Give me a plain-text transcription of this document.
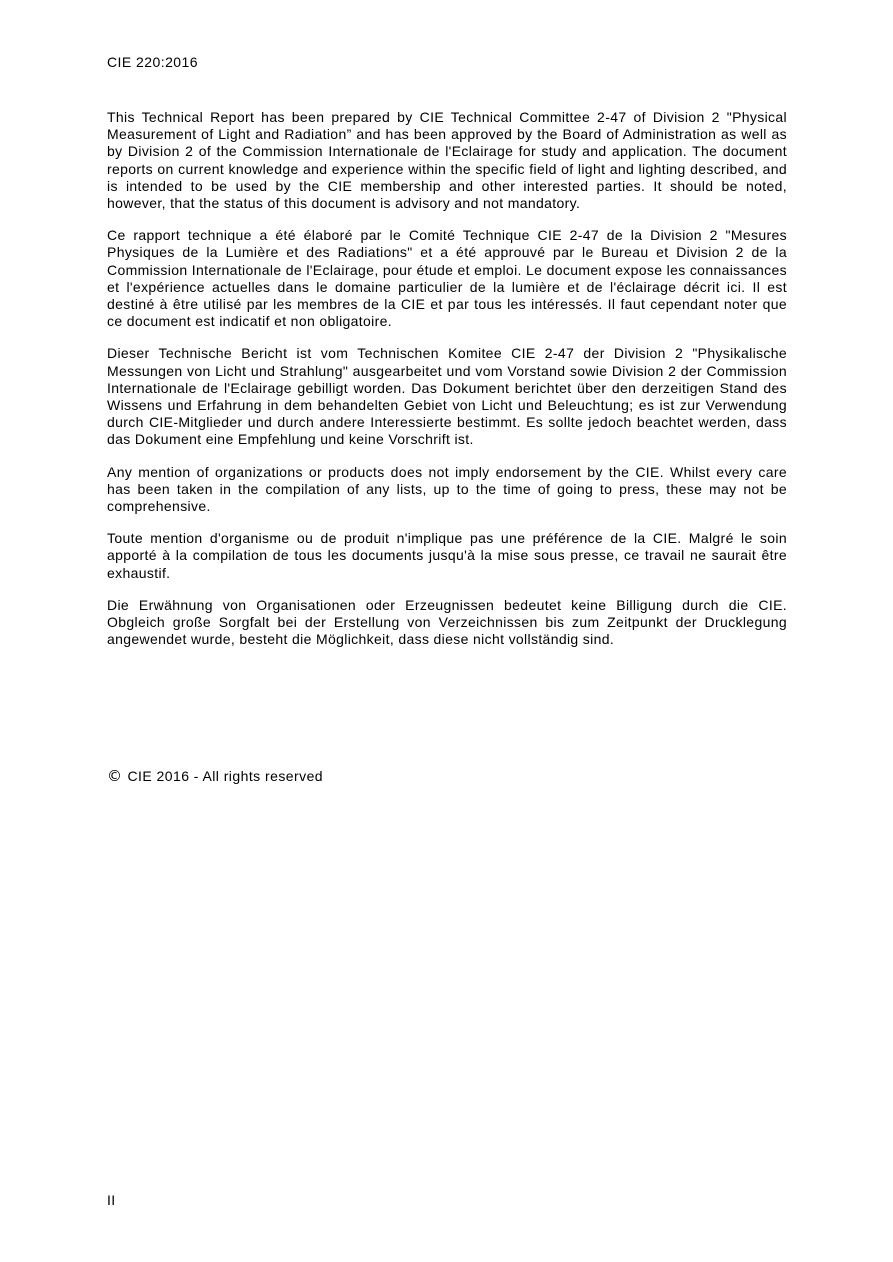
CIE 220:2016

This Technical Report has been prepared by CIE Technical Committee 2-47 of Division 2 "Physical Measurement of Light and Radiation” and has been approved by the Board of Administration as well as by Division 2 of the Commission Internationale de l'Eclairage for study and application. The document reports on current knowledge and experience within the specific field of light and lighting described, and is intended to be used by the CIE membership and other interested parties. It should be noted, however, that the status of this document is advisory and not mandatory.

Ce rapport technique a été élaboré par le Comité Technique CIE 2-47 de la Division 2 "Mesures Physiques de la Lumière et des Radiations" et a été approuvé par le Bureau et Division 2 de la Commission Internationale de l'Eclairage, pour étude et emploi. Le document expose les connaissances et l'expérience actuelles dans le domaine particulier de la lumière et de l'éclairage décrit ici. Il est destiné à être utilisé par les membres de la CIE et par tous les intéressés. Il faut cependant noter que ce document est indicatif et non obligatoire.

Dieser Technische Bericht ist vom Technischen Komitee CIE 2-47 der Division 2 "Physikalische Messungen von Licht und Strahlung" ausgearbeitet und vom Vorstand sowie Division 2 der Commission Internationale de l'Eclairage gebilligt worden. Das Dokument berichtet über den derzeitigen Stand des Wissens und Erfahrung in dem behandelten Gebiet von Licht und Beleuchtung; es ist zur Verwendung durch CIE-Mitglieder und durch andere Interessierte bestimmt. Es sollte jedoch beachtet werden, dass das Dokument eine Empfehlung und keine Vorschrift ist.

Any mention of organizations or products does not imply endorsement by the CIE. Whilst every care has been taken in the compilation of any lists, up to the time of going to press, these may not be comprehensive.

Toute mention d'organisme ou de produit n'implique pas une préférence de la CIE. Malgré le soin apporté à la compilation de tous les documents jusqu'à la mise sous presse, ce travail ne saurait être exhaustif.

Die Erwähnung von Organisationen oder Erzeugnissen bedeutet keine Billigung durch die CIE. Obgleich große Sorgfalt bei der Erstellung von Verzeichnissen bis zum Zeitpunkt der Drucklegung angewendet wurde, besteht die Möglichkeit, dass diese nicht vollständig sind.

© CIE 2016 - All rights reserved
II
